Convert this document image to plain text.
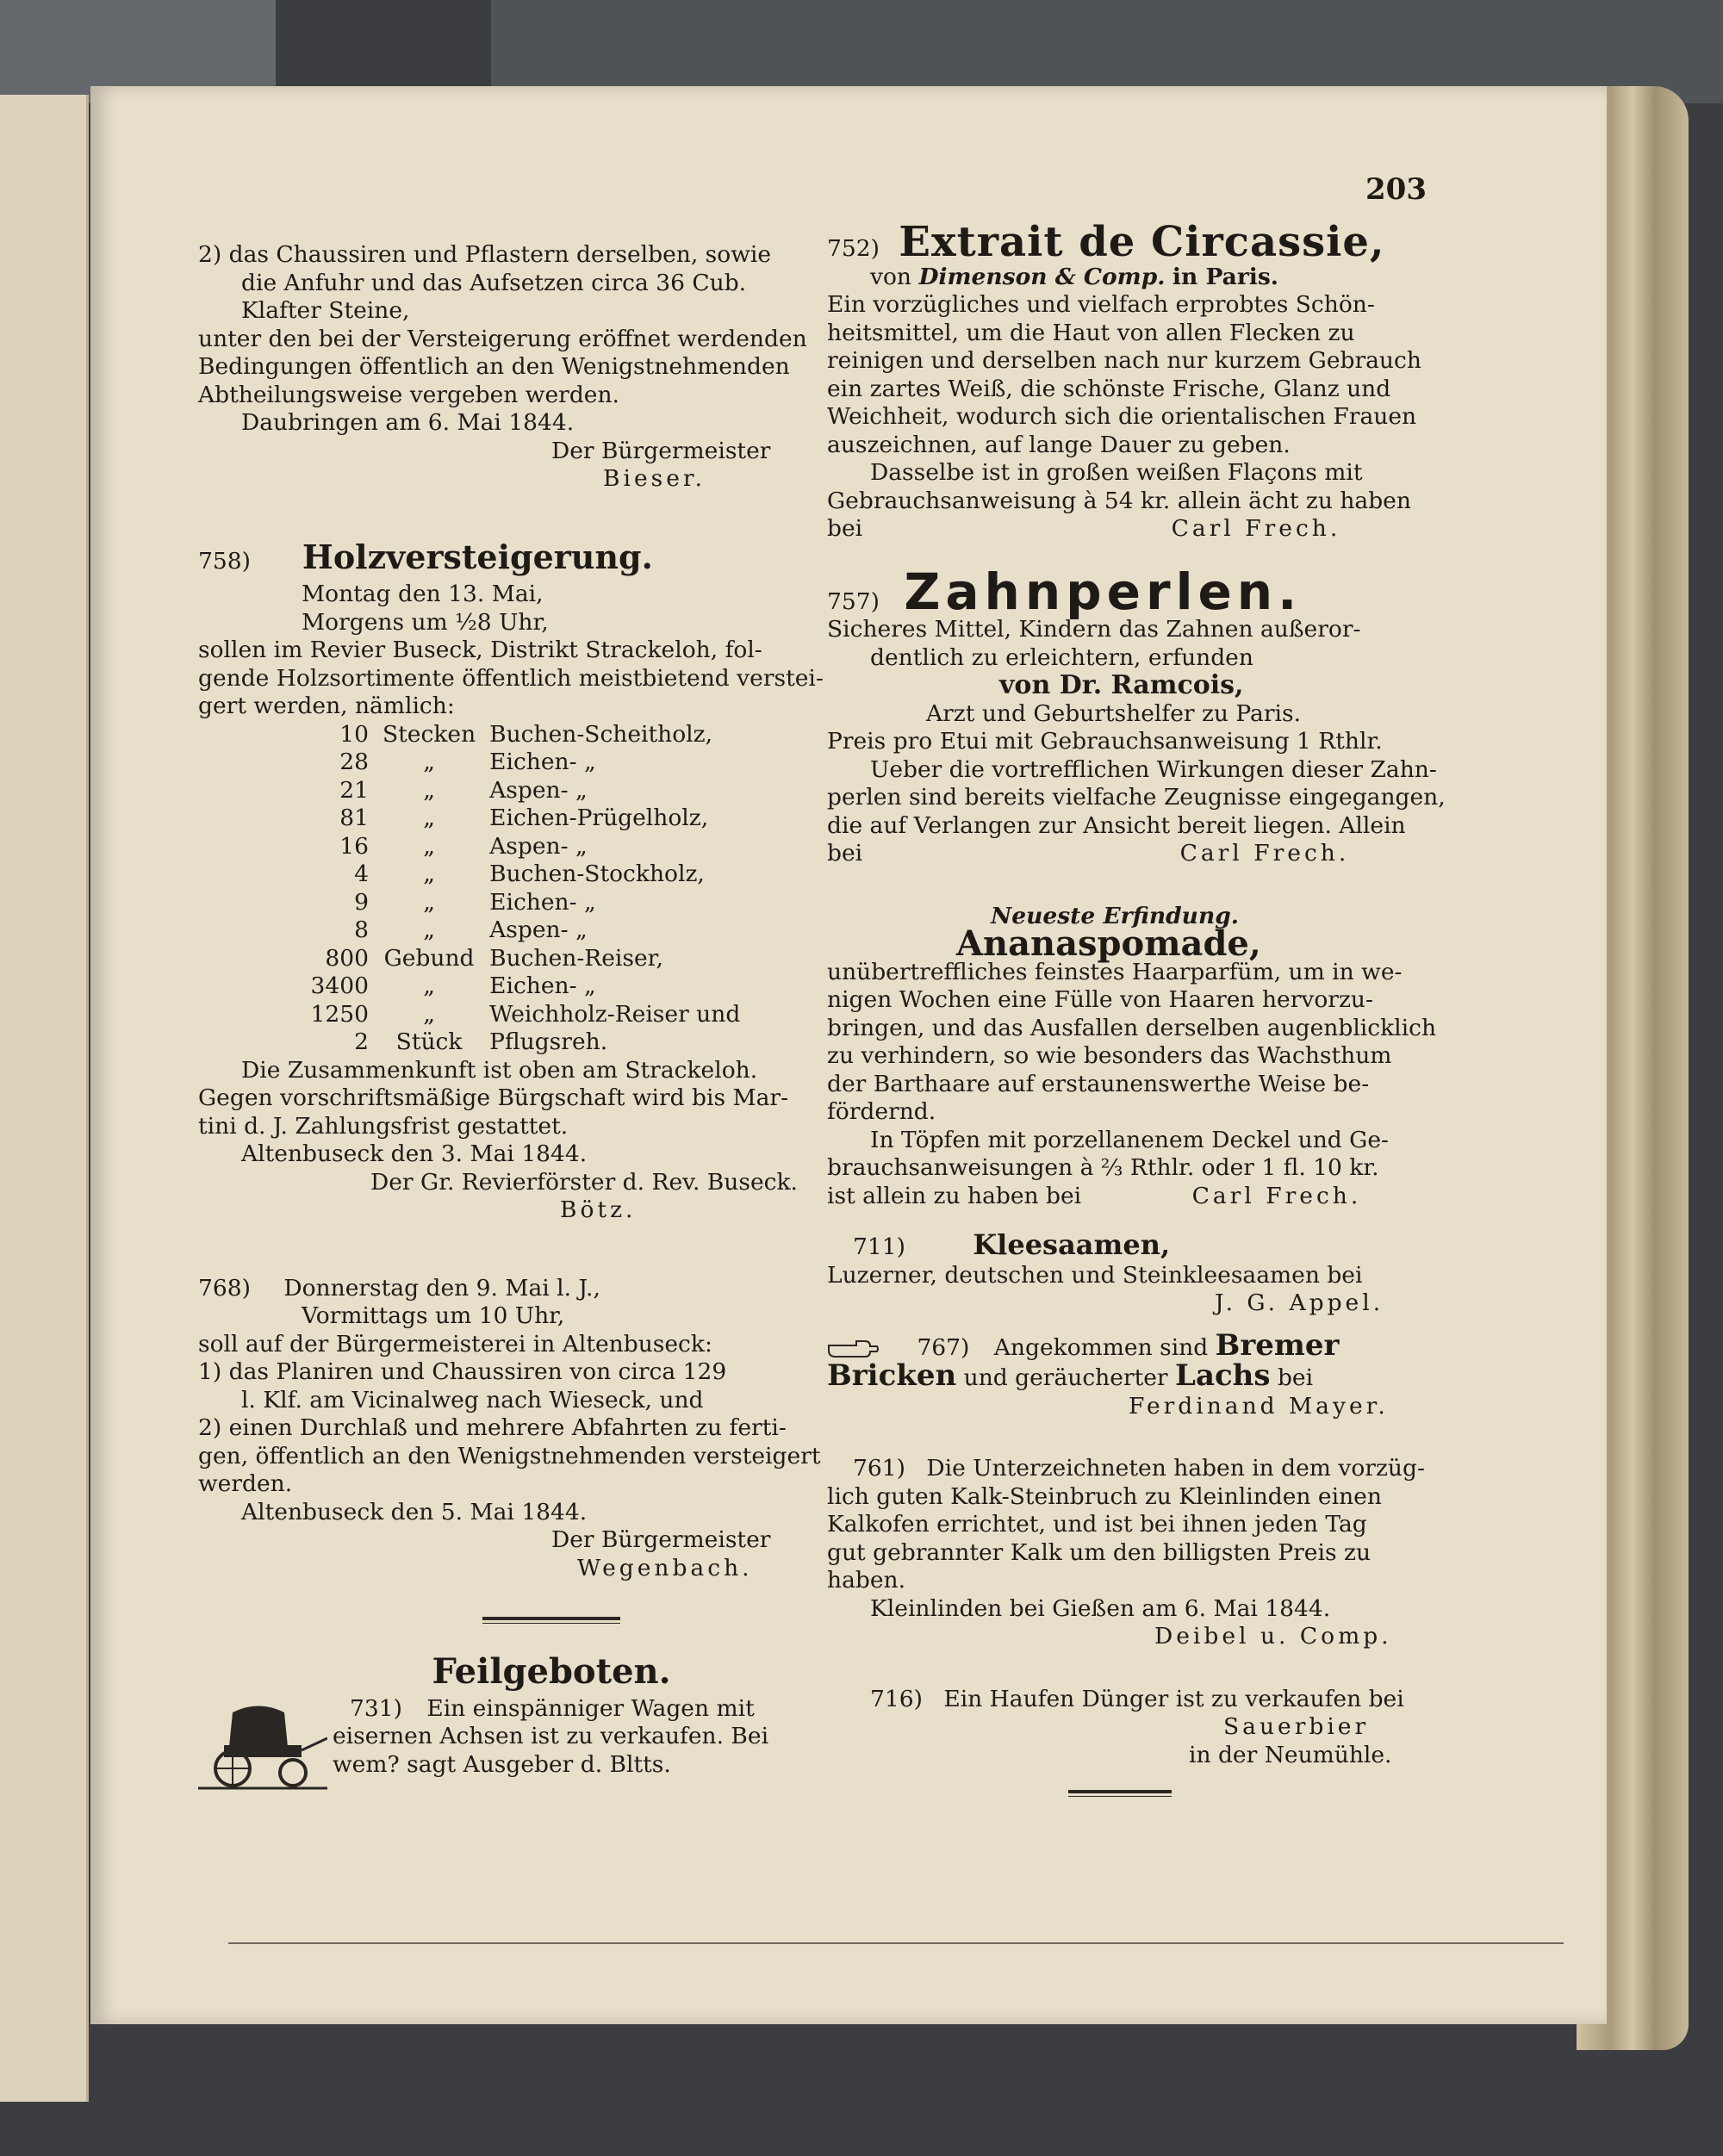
203
2) das Chaussiren und Pflastern derselben, sowie
die Anfuhr und das Aufsetzen circa 36 Cub.
Klafter Steine,
unter den bei der Versteigerung eröffnet werdenden
Bedingungen öffentlich an den Wenigstnehmenden
Abtheilungsweise vergeben werden.
Daubringen am 6. Mai 1844.
Der Bürgermeister
Bieser.
758) Holzversteigerung.
Montag den 13. Mai,
Morgens um ½8 Uhr,
sollen im Revier Buseck, Distrikt Strackeloh, fol-
gende Holzsortimente öffentlich meistbietend verstei-
gert werden, nämlich:
10	Stecken	Buchen-Scheitholz,
28	„	Eichen- „
21	„	Aspen- „
81	„	Eichen-Prügelholz,
16	„	Aspen- „
4	„	Buchen-Stockholz,
9	„	Eichen- „
8	„	Aspen- „
800	Gebund	Buchen-Reiser,
3400	„	Eichen- „
1250	„	Weichholz-Reiser und
2	Stück	Pflugsreh.
Die Zusammenkunft ist oben am Strackeloh.
Gegen vorschriftsmäßige Bürgschaft wird bis Mar-
tini d. J. Zahlungsfrist gestattet.
Altenbuseck den 3. Mai 1844.
Der Gr. Revierförster d. Rev. Buseck.
Bötz.
768) Donnerstag den 9. Mai l. J.,
Vormittags um 10 Uhr,
soll auf der Bürgermeisterei in Altenbuseck:
1) das Planiren und Chaussiren von circa 129
l. Klf. am Vicinalweg nach Wieseck, und
2) einen Durchlaß und mehrere Abfahrten zu ferti-
gen, öffentlich an den Wenigstnehmenden versteigert
werden.
Altenbuseck den 5. Mai 1844.
Der Bürgermeister
Wegenbach.
Feilgeboten.
731) Ein einspänniger Wagen mit
eisernen Achsen ist zu verkaufen. Bei
wem? sagt Ausgeber d. Bltts.
752) Extrait de Circassie,
von Dimenson & Comp. in Paris.
Ein vorzügliches und vielfach erprobtes Schön-
heitsmittel, um die Haut von allen Flecken zu
reinigen und derselben nach nur kurzem Gebrauch
ein zartes Weiß, die schönste Frische, Glanz und
Weichheit, wodurch sich die orientalischen Frauen
auszeichnen, auf lange Dauer zu geben.
Dasselbe ist in großen weißen Flaçons mit
Gebrauchsanweisung à 54 kr. allein ächt zu haben
bei	Carl Frech.
757) Zahnperlen.
Sicheres Mittel, Kindern das Zahnen außeror-
dentlich zu erleichtern, erfunden
von Dr. Ramcois,
Arzt und Geburtshelfer zu Paris.
Preis pro Etui mit Gebrauchsanweisung 1 Rthlr.
Ueber die vortrefflichen Wirkungen dieser Zahn-
perlen sind bereits vielfache Zeugnisse eingegangen,
die auf Verlangen zur Ansicht bereit liegen. Allein
bei	Carl Frech.
Neueste Erfindung.
Ananaspomade,
unübertreffliches feinstes Haarparfüm, um in we-
nigen Wochen eine Fülle von Haaren hervorzu-
bringen, und das Ausfallen derselben augenblicklich
zu verhindern, so wie besonders das Wachsthum
der Barthaare auf erstaunenswerthe Weise be-
fördernd.
In Töpfen mit porzellanenem Deckel und Ge-
brauchsanweisungen à ⅔ Rthlr. oder 1 fl. 10 kr.
ist allein zu haben bei	Carl Frech.
711) Kleesaamen,
Luzerner, deutschen und Steinkleesaamen bei
J. G. Appel.
767) Angekommen sind Bremer
Bricken und geräucherter Lachs bei
Ferdinand Mayer.
761) Die Unterzeichneten haben in dem vorzüg-
lich guten Kalk-Steinbruch zu Kleinlinden einen
Kalkofen errichtet, und ist bei ihnen jeden Tag
gut gebrannter Kalk um den billigsten Preis zu
haben.
Kleinlinden bei Gießen am 6. Mai 1844.
Deibel u. Comp.
716) Ein Haufen Dünger ist zu verkaufen bei
Sauerbier
in der Neumühle.
